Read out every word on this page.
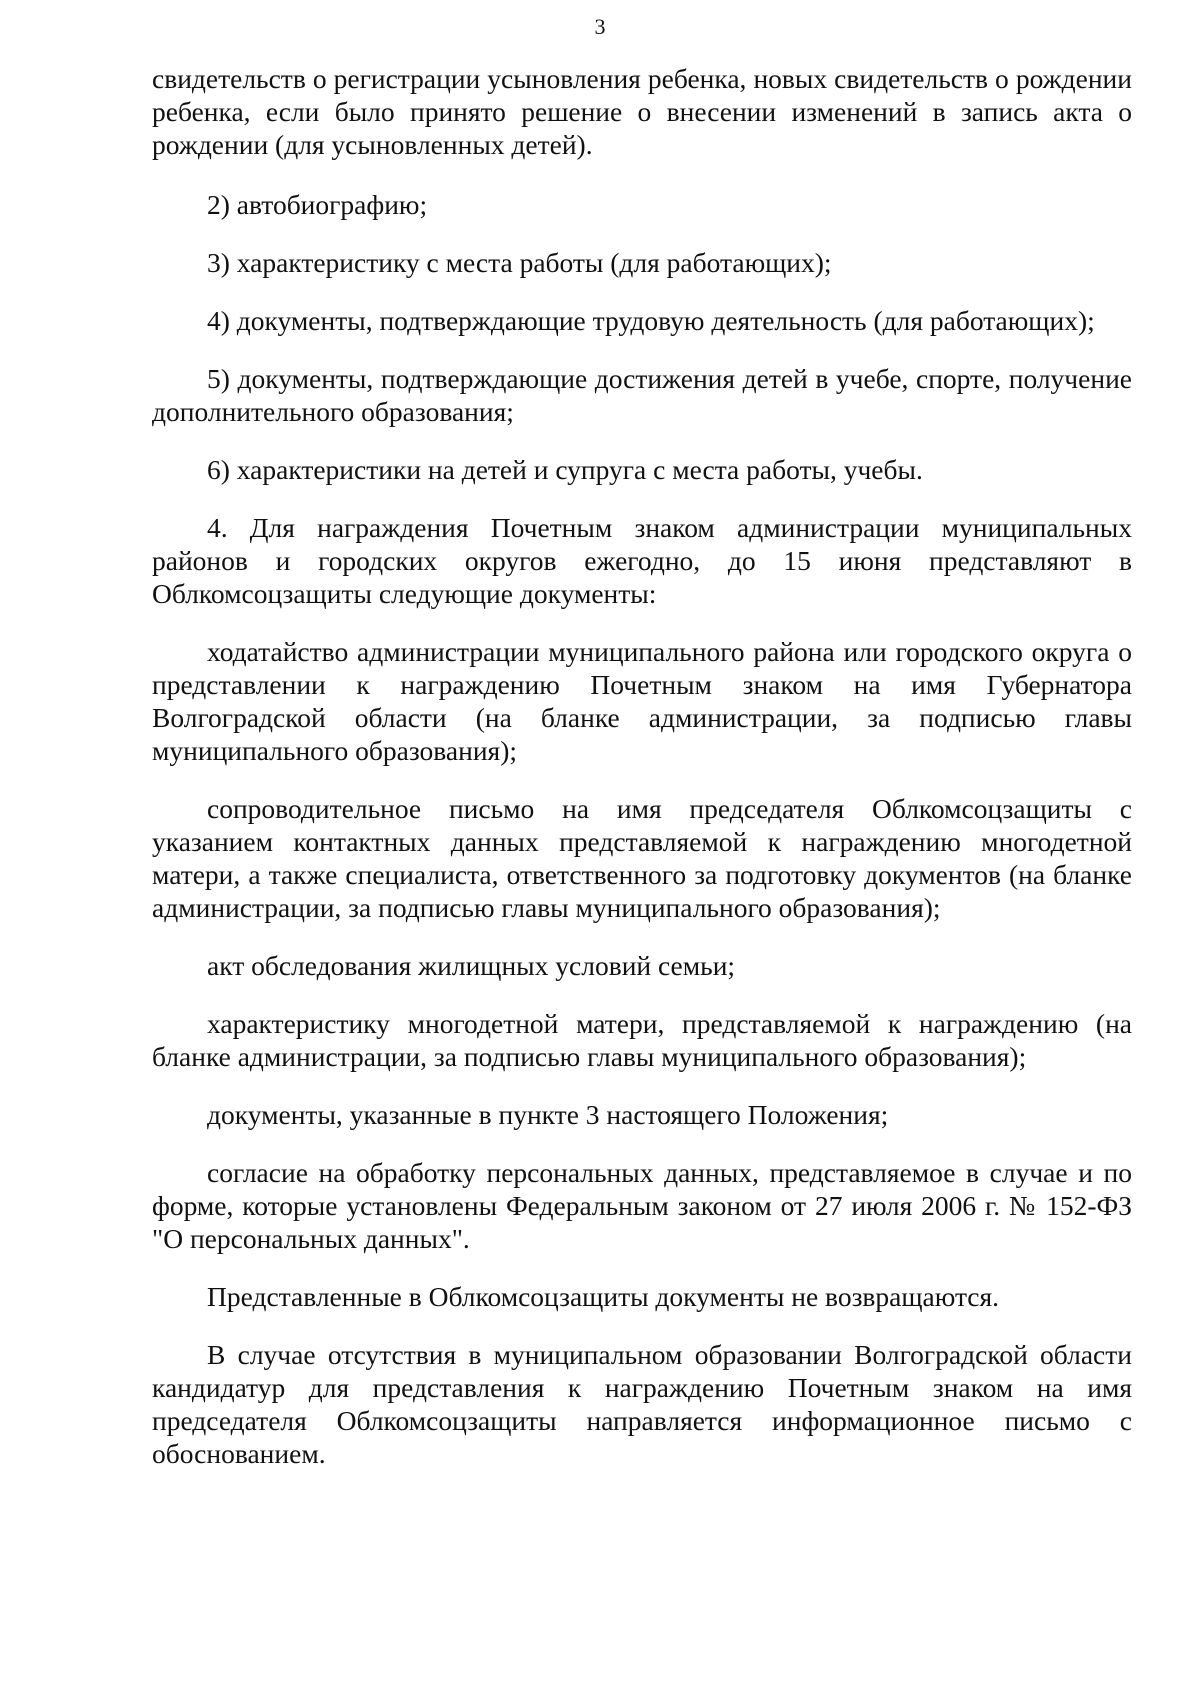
3

свидетельств о регистрации усыновления ребенка, новых свидетельств о рождении ребенка, если было принято решение о внесении изменений в запись акта о рождении (для усыновленных детей).

2) автобиографию;

3) характеристику с места работы (для работающих);

4) документы, подтверждающие трудовую деятельность (для работающих);

5) документы, подтверждающие достижения детей в учебе, спорте, получение дополнительного образования;

6) характеристики на детей и супруга с места работы, учебы.

4. Для награждения Почетным знаком администрации муниципальных районов и городских округов ежегодно, до 15 июня представляют в Облкомсоцзащиты следующие документы:

ходатайство администрации муниципального района или городского округа о представлении к награждению Почетным знаком на имя Губернатора Волгоградской области (на бланке администрации, за подписью главы муниципального образования);

сопроводительное письмо на имя председателя Облкомсоцзащиты с указанием контактных данных представляемой к награждению многодетной матери, а также специалиста, ответственного за подготовку документов (на бланке администрации, за подписью главы муниципального образования);

акт обследования жилищных условий семьи;

характеристику многодетной матери, представляемой к награждению (на бланке администрации, за подписью главы муниципального образования);

документы, указанные в пункте 3 настоящего Положения;

согласие на обработку персональных данных, представляемое в случае и по форме, которые установлены Федеральным законом от 27 июля 2006 г. № 152-ФЗ "О персональных данных".

Представленные в Облкомсоцзащиты документы не возвращаются.

В случае отсутствия в муниципальном образовании Волгоградской области кандидатур для представления к награждению Почетным знаком на имя председателя Облкомсоцзащиты направляется информационное письмо с обоснованием.
